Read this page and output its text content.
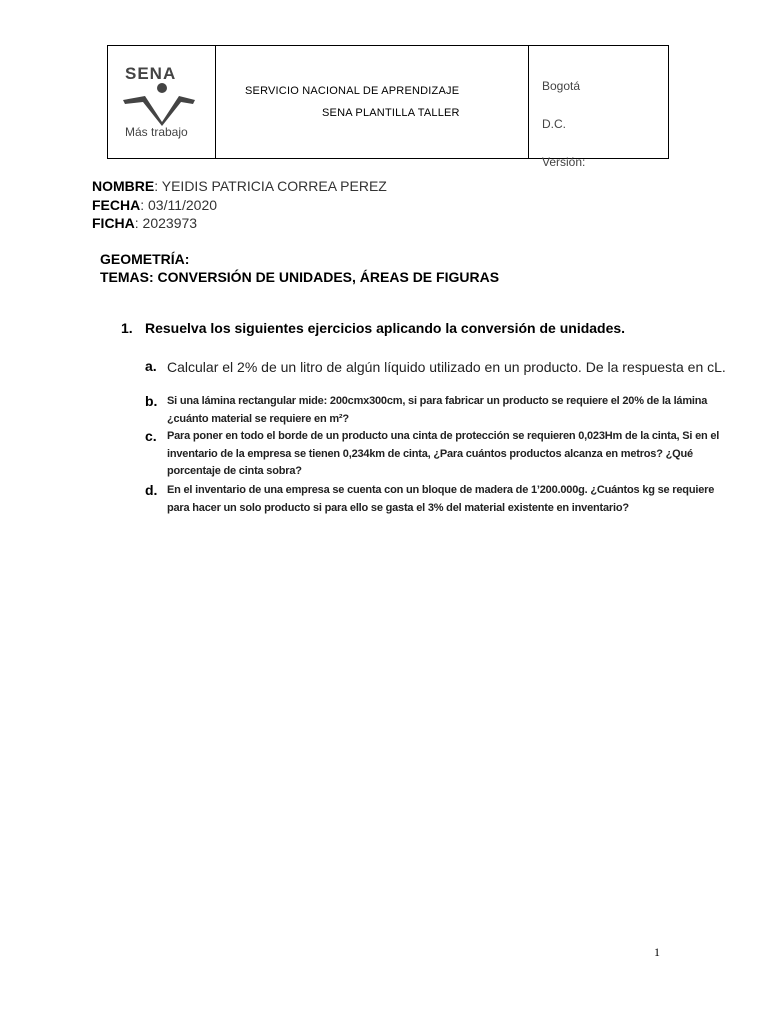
SENA
Más trabajo
SERVICIO NACIONAL DE APRENDIZAJE
SENA PLANTILLA TALLER
Bogotá
D.C.
Versión:
NOMBRE: YEIDIS PATRICIA CORREA PEREZ
FECHA: 03/11/2020
FICHA: 2023973
GEOMETRÍA:
TEMAS: CONVERSIÓN DE UNIDADES, ÁREAS DE FIGURAS
1. Resuelva los siguientes ejercicios aplicando la conversión de unidades.
a. Calcular el 2% de un litro de algún líquido utilizado en un producto. De la respuesta en cL.
b. Si una lámina rectangular mide: 200cmx300cm, si para fabricar un producto se requiere el 20% de la lámina ¿cuánto material se requiere en m²?
c. Para poner en todo el borde de un producto una cinta de protección se requieren 0,023Hm de la cinta, Si en el inventario de la empresa se tienen 0,234km de cinta, ¿Para cuántos productos alcanza en metros? ¿Qué porcentaje de cinta sobra?
d. En el inventario de una empresa se cuenta con un bloque de madera de 1’200.000g. ¿Cuántos kg se requiere para hacer un solo producto si para ello se gasta el 3% del material existente en inventario?
1
